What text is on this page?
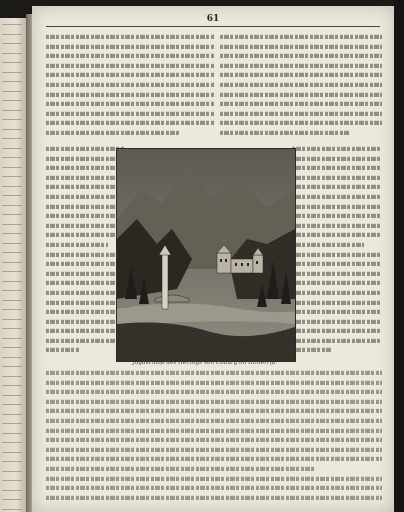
61
Jagdschloß des Herzogs von Coburg im Hinterriß.
